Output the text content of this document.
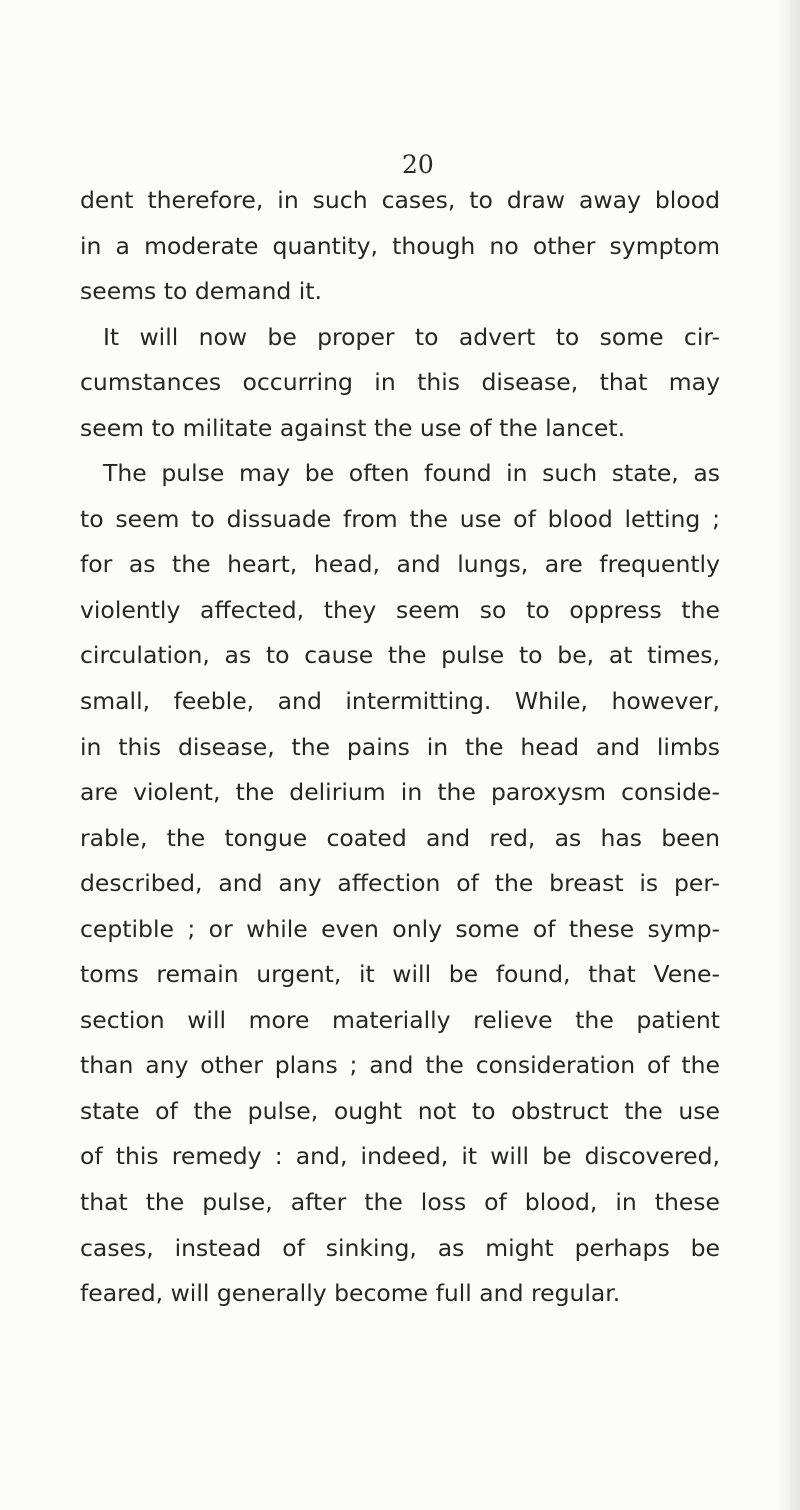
20
dent therefore, in such cases, to draw away blood
in a moderate quantity, though no other symptom
seems to demand it.
It will now be proper to advert to some cir-
cumstances occurring in this disease, that may
seem to militate against the use of the lancet.
The pulse may be often found in such state, as
to seem to dissuade from the use of blood letting ;
for as the heart, head, and lungs, are frequently
violently affected, they seem so to oppress the
circulation, as to cause the pulse to be, at times,
small, feeble, and intermitting. While, however,
in this disease, the pains in the head and limbs
are violent, the delirium in the paroxysm conside-
rable, the tongue coated and red, as has been
described, and any affection of the breast is per-
ceptible ; or while even only some of these symp-
toms remain urgent, it will be found, that Vene-
section will more materially relieve the patient
than any other plans ; and the consideration of the
state of the pulse, ought not to obstruct the use
of this remedy : and, indeed, it will be discovered,
that the pulse, after the loss of blood, in these
cases, instead of sinking, as might perhaps be
feared, will generally become full and regular.
